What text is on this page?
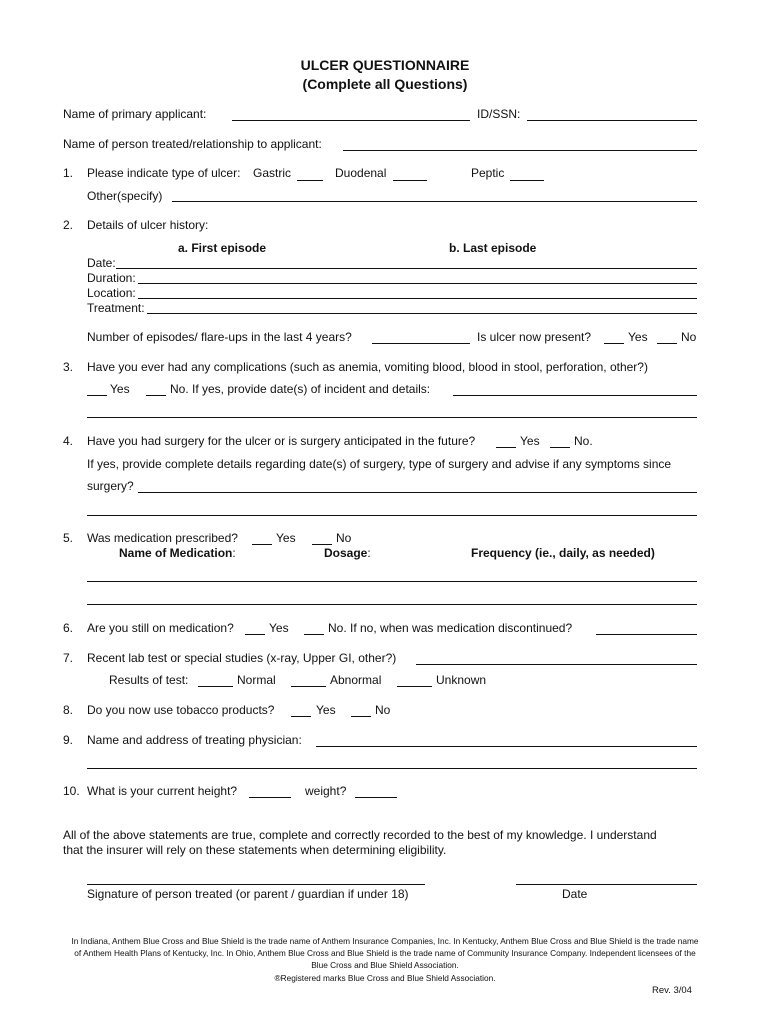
ULCER QUESTIONNAIRE
(Complete all Questions)
Name of primary applicant:	ID/SSN:
Name of person treated/relationship to applicant:
1. Please indicate type of ulcer: Gastric	Duodenal	Peptic
Other(specify)
2. Details of ulcer history:
a. First episode	b. Last episode
Date:
Duration:
Location:
Treatment:
Number of episodes/ flare-ups in the last 4 years?	Is ulcer now present?	Yes	No
3. Have you ever had any complications (such as anemia, vomiting blood, blood in stool, perforation, other?)
Yes	No. If yes, provide date(s) of incident and details:
4. Have you had surgery for the ulcer or is surgery anticipated in the future?	Yes	No.
If yes, provide complete details regarding date(s) of surgery, type of surgery and advise if any symptoms since
surgery?
5. Was medication prescribed?	Yes	No
Name of Medication:	Dosage:	Frequency (ie., daily, as needed)
6. Are you still on medication?	Yes	No. If no, when was medication discontinued?
7. Recent lab test or special studies (x-ray, Upper GI, other?)
Results of test:	Normal	Abnormal	Unknown
8. Do you now use tobacco products?	Yes	No
9. Name and address of treating physician:
10. What is your current height?	weight?
All of the above statements are true, complete and correctly recorded to the best of my knowledge. I understand
that the insurer will rely on these statements when determining eligibility.
Signature of person treated (or parent / guardian if under 18)	Date
In Indiana, Anthem Blue Cross and Blue Shield is the trade name of Anthem Insurance Companies, Inc. In Kentucky, Anthem Blue Cross and Blue Shield is the trade name
of Anthem Health Plans of Kentucky, Inc. In Ohio, Anthem Blue Cross and Blue Shield is the trade name of Community Insurance Company. Independent licensees of the
Blue Cross and Blue Shield Association.
®Registered marks Blue Cross and Blue Shield Association.
Rev. 3/04
